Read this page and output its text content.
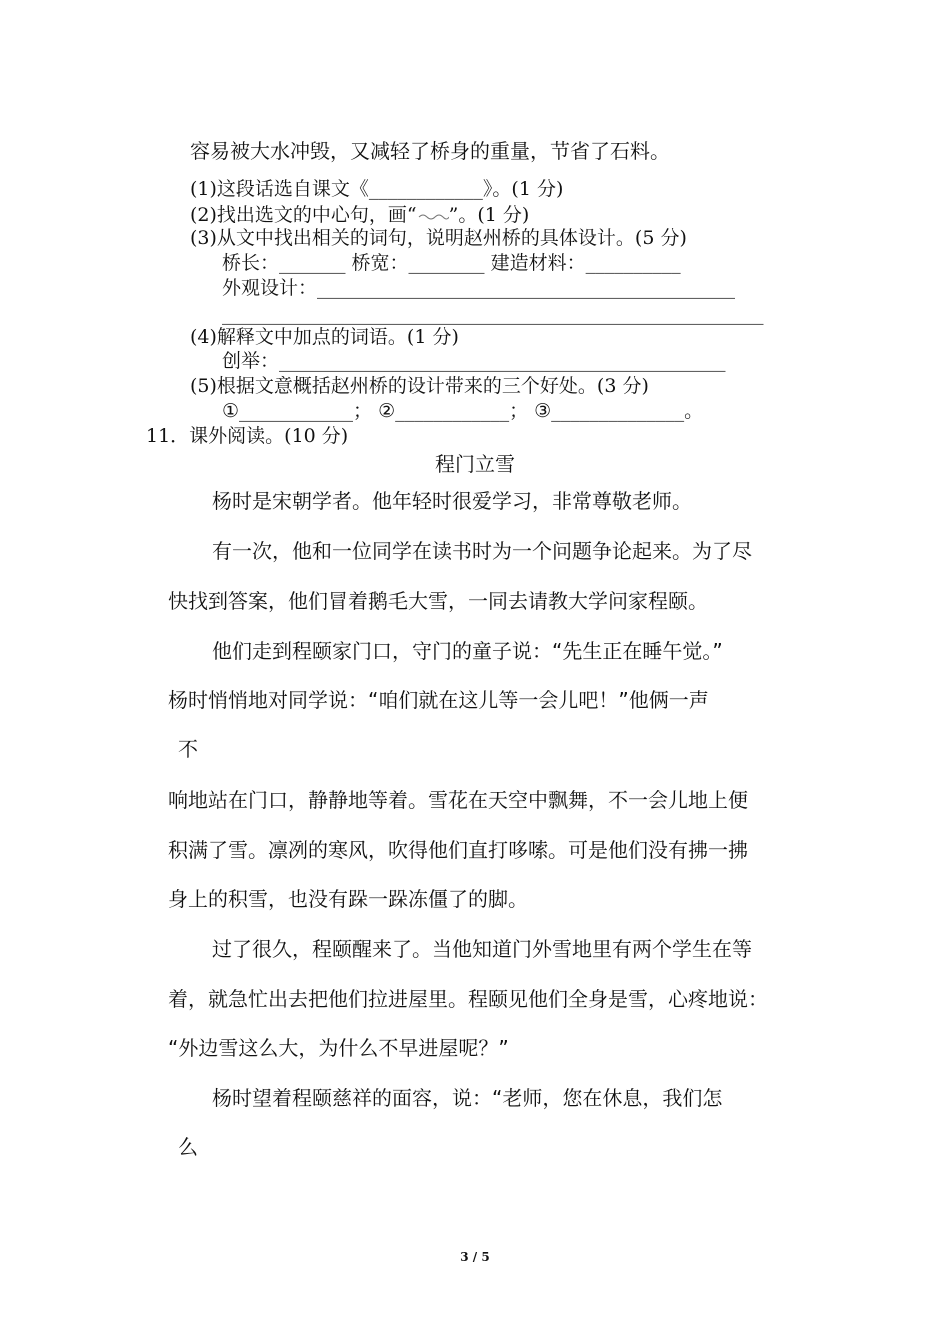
容易被大水冲毁，又减轻了桥身的重量，节省了石料。
(1)这段话选自课文《____________》。(1 分)
(2)找出选文的中心句，画“ ”。(1 分)
(3)从文中找出相关的词句，说明赵州桥的具体设计。(5 分)
桥长：_______ 桥宽：________ 建造材料：__________
外观设计：____________________________________________
_________________________________________________________
(4)解释文中加点的词语。(1 分)
创举：_______________________________________________
(5)根据文意概括赵州桥的设计带来的三个好处。(3 分)
①____________； ②____________； ③______________。
11．课外阅读。(10 分)
程门立雪
杨时是宋朝学者。他年轻时很爱学习，非常尊敬老师。
有一次，他和一位同学在读书时为一个问题争论起来。为了尽
快找到答案，他们冒着鹅毛大雪，一同去请教大学问家程颐。
他们走到程颐家门口，守门的童子说：“先生正在睡午觉。”
杨时悄悄地对同学说：“咱们就在这儿等一会儿吧！”他俩一声
不
响地站在门口，静静地等着。雪花在天空中飘舞，不一会儿地上便
积满了雪。凛冽的寒风，吹得他们直打哆嗦。可是他们没有拂一拂
身上的积雪，也没有跺一跺冻僵了的脚。
过了很久，程颐醒来了。当他知道门外雪地里有两个学生在等
着，就急忙出去把他们拉进屋里。程颐见他们全身是雪，心疼地说：
“外边雪这么大，为什么不早进屋呢？”
杨时望着程颐慈祥的面容，说：“老师，您在休息，我们怎
么
3 / 5
